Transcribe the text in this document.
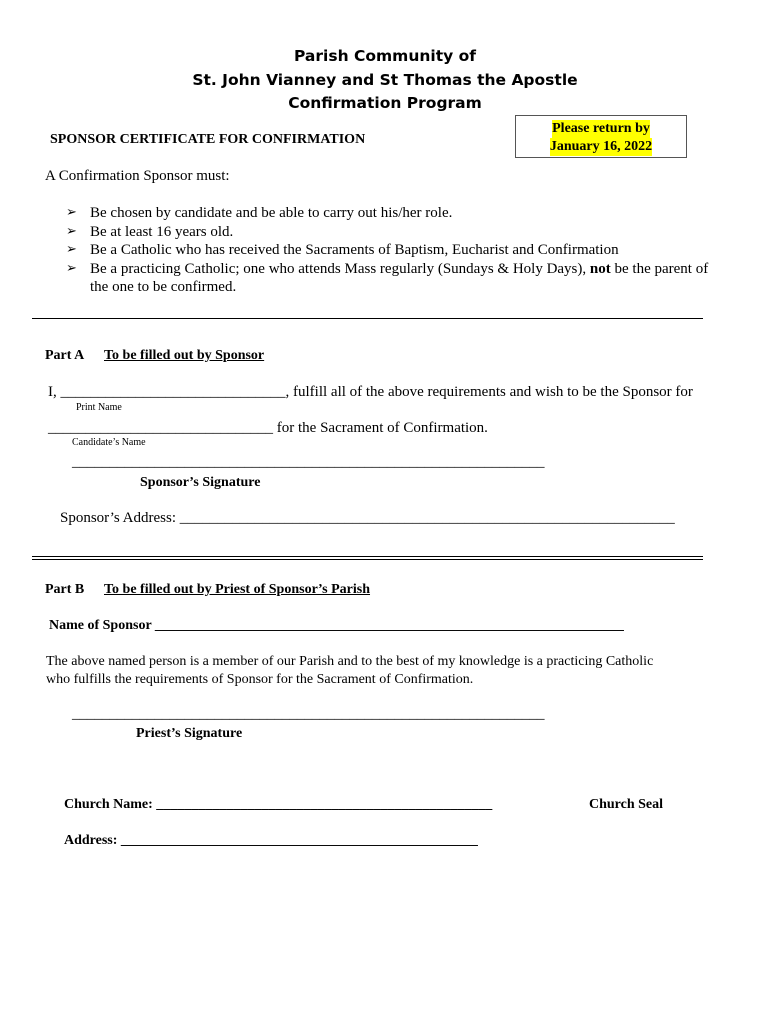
Parish Community of
St. John Vianney and St Thomas the Apostle
Confirmation Program
SPONSOR CERTIFICATE FOR CONFIRMATION
Please return by
January 16, 2022
A Confirmation Sponsor must:
➢ Be chosen by candidate and be able to carry out his/her role.
➢ Be at least 16 years old.
➢ Be a Catholic who has received the Sacraments of Baptism, Eucharist and Confirmation
➢ Be a practicing Catholic; one who attends Mass regularly (Sundays & Holy Days), not be the parent of
the one to be confirmed.
Part A To be filled out by Sponsor
I, ______________________________, fulfill all of the above requirements and wish to be the Sponsor for
Print Name
______________________________ for the Sacrament of Confirmation.
Candidate’s Name
_______________________________________________________________
Sponsor’s Signature
Sponsor’s Address: __________________________________________________________________
Part B To be filled out by Priest of Sponsor’s Parish
Name of Sponsor ___________________________________________________________________
The above named person is a member of our Parish and to the best of my knowledge is a practicing Catholic
who fulfills the requirements of Sponsor for the Sacrament of Confirmation.
_______________________________________________________________
Priest’s Signature
Church Name: ________________________________________________	Church Seal
Address: ___________________________________________________
